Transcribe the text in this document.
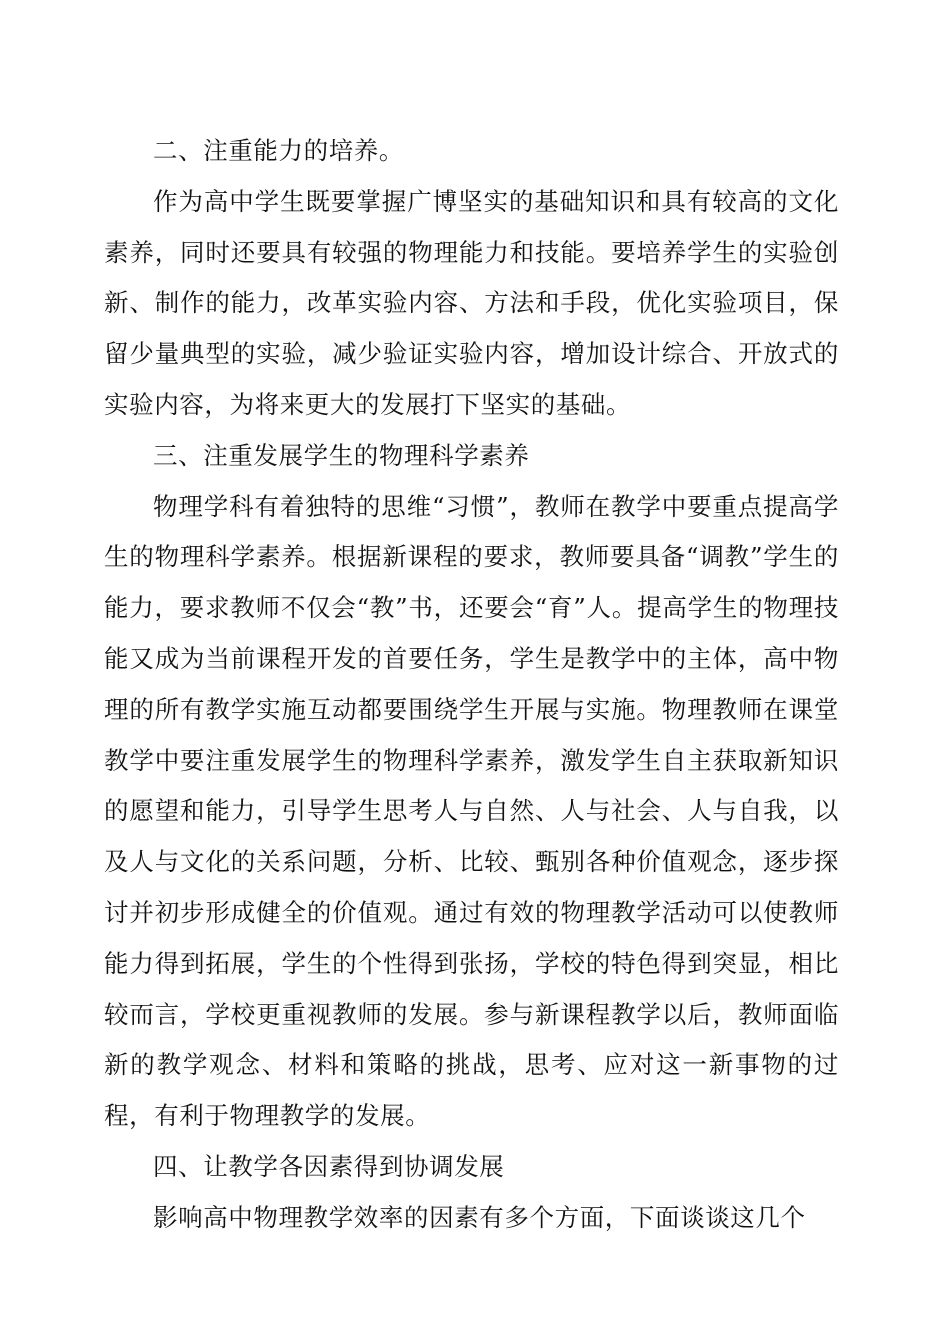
二、注重能力的培养。

作为高中学生既要掌握广博坚实的基础知识和具有较高的文化素养，同时还要具有较强的物理能力和技能。要培养学生的实验创新、制作的能力，改革实验内容、方法和手段，优化实验项目，保留少量典型的实验，减少验证实验内容，增加设计综合、开放式的实验内容，为将来更大的发展打下坚实的基础。

三、注重发展学生的物理科学素养

物理学科有着独特的思维“习惯”，教师在教学中要重点提高学生的物理科学素养。根据新课程的要求，教师要具备“调教”学生的能力，要求教师不仅会“教”书，还要会“育”人。提高学生的物理技能又成为当前课程开发的首要任务，学生是教学中的主体，高中物理的所有教学实施互动都要围绕学生开展与实施。物理教师在课堂教学中要注重发展学生的物理科学素养，激发学生自主获取新知识的愿望和能力，引导学生思考人与自然、人与社会、人与自我，以及人与文化的关系问题，分析、比较、甄别各种价值观念，逐步探讨并初步形成健全的价值观。通过有效的物理教学活动可以使教师能力得到拓展，学生的个性得到张扬，学校的特色得到突显，相比较而言，学校更重视教师的发展。参与新课程教学以后，教师面临新的教学观念、材料和策略的挑战，思考、应对这一新事物的过程，有利于物理教学的发展。

四、让教学各因素得到协调发展

影响高中物理教学效率的因素有多个方面，下面谈谈这几个
